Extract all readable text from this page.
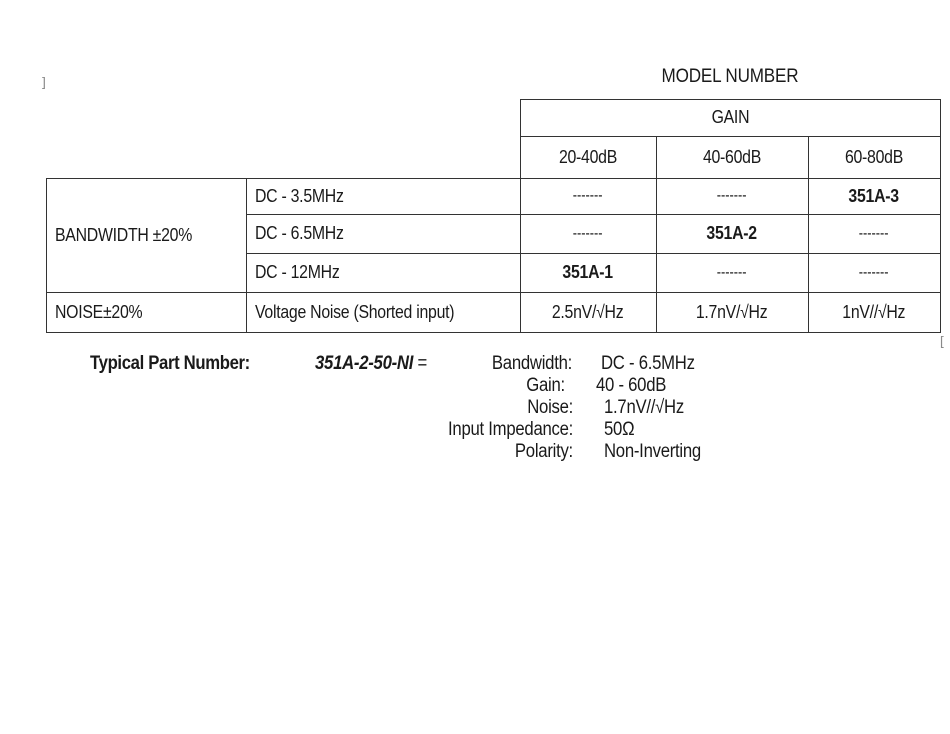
]
[
MODEL NUMBER
GAIN
20-40dB	40-60dB	60-80dB
BANDWIDTH ±20%
DC - 3.5MHz	-------	-------	351A-3
DC - 6.5MHz	-------	351A-2	-------
DC - 12MHz	351A-1	-------	-------
NOISE±20%	Voltage Noise (Shorted input)	2.5nV/√Hz	1.7nV/√Hz	1nV//√Hz
Typical Part Number:	351A-2-50-NI =	Bandwidth: DC - 6.5MHz
Gain: 40 - 60dB
Noise: 1.7nV//√Hz
Input Impedance: 50Ω
Polarity: Non-Inverting
